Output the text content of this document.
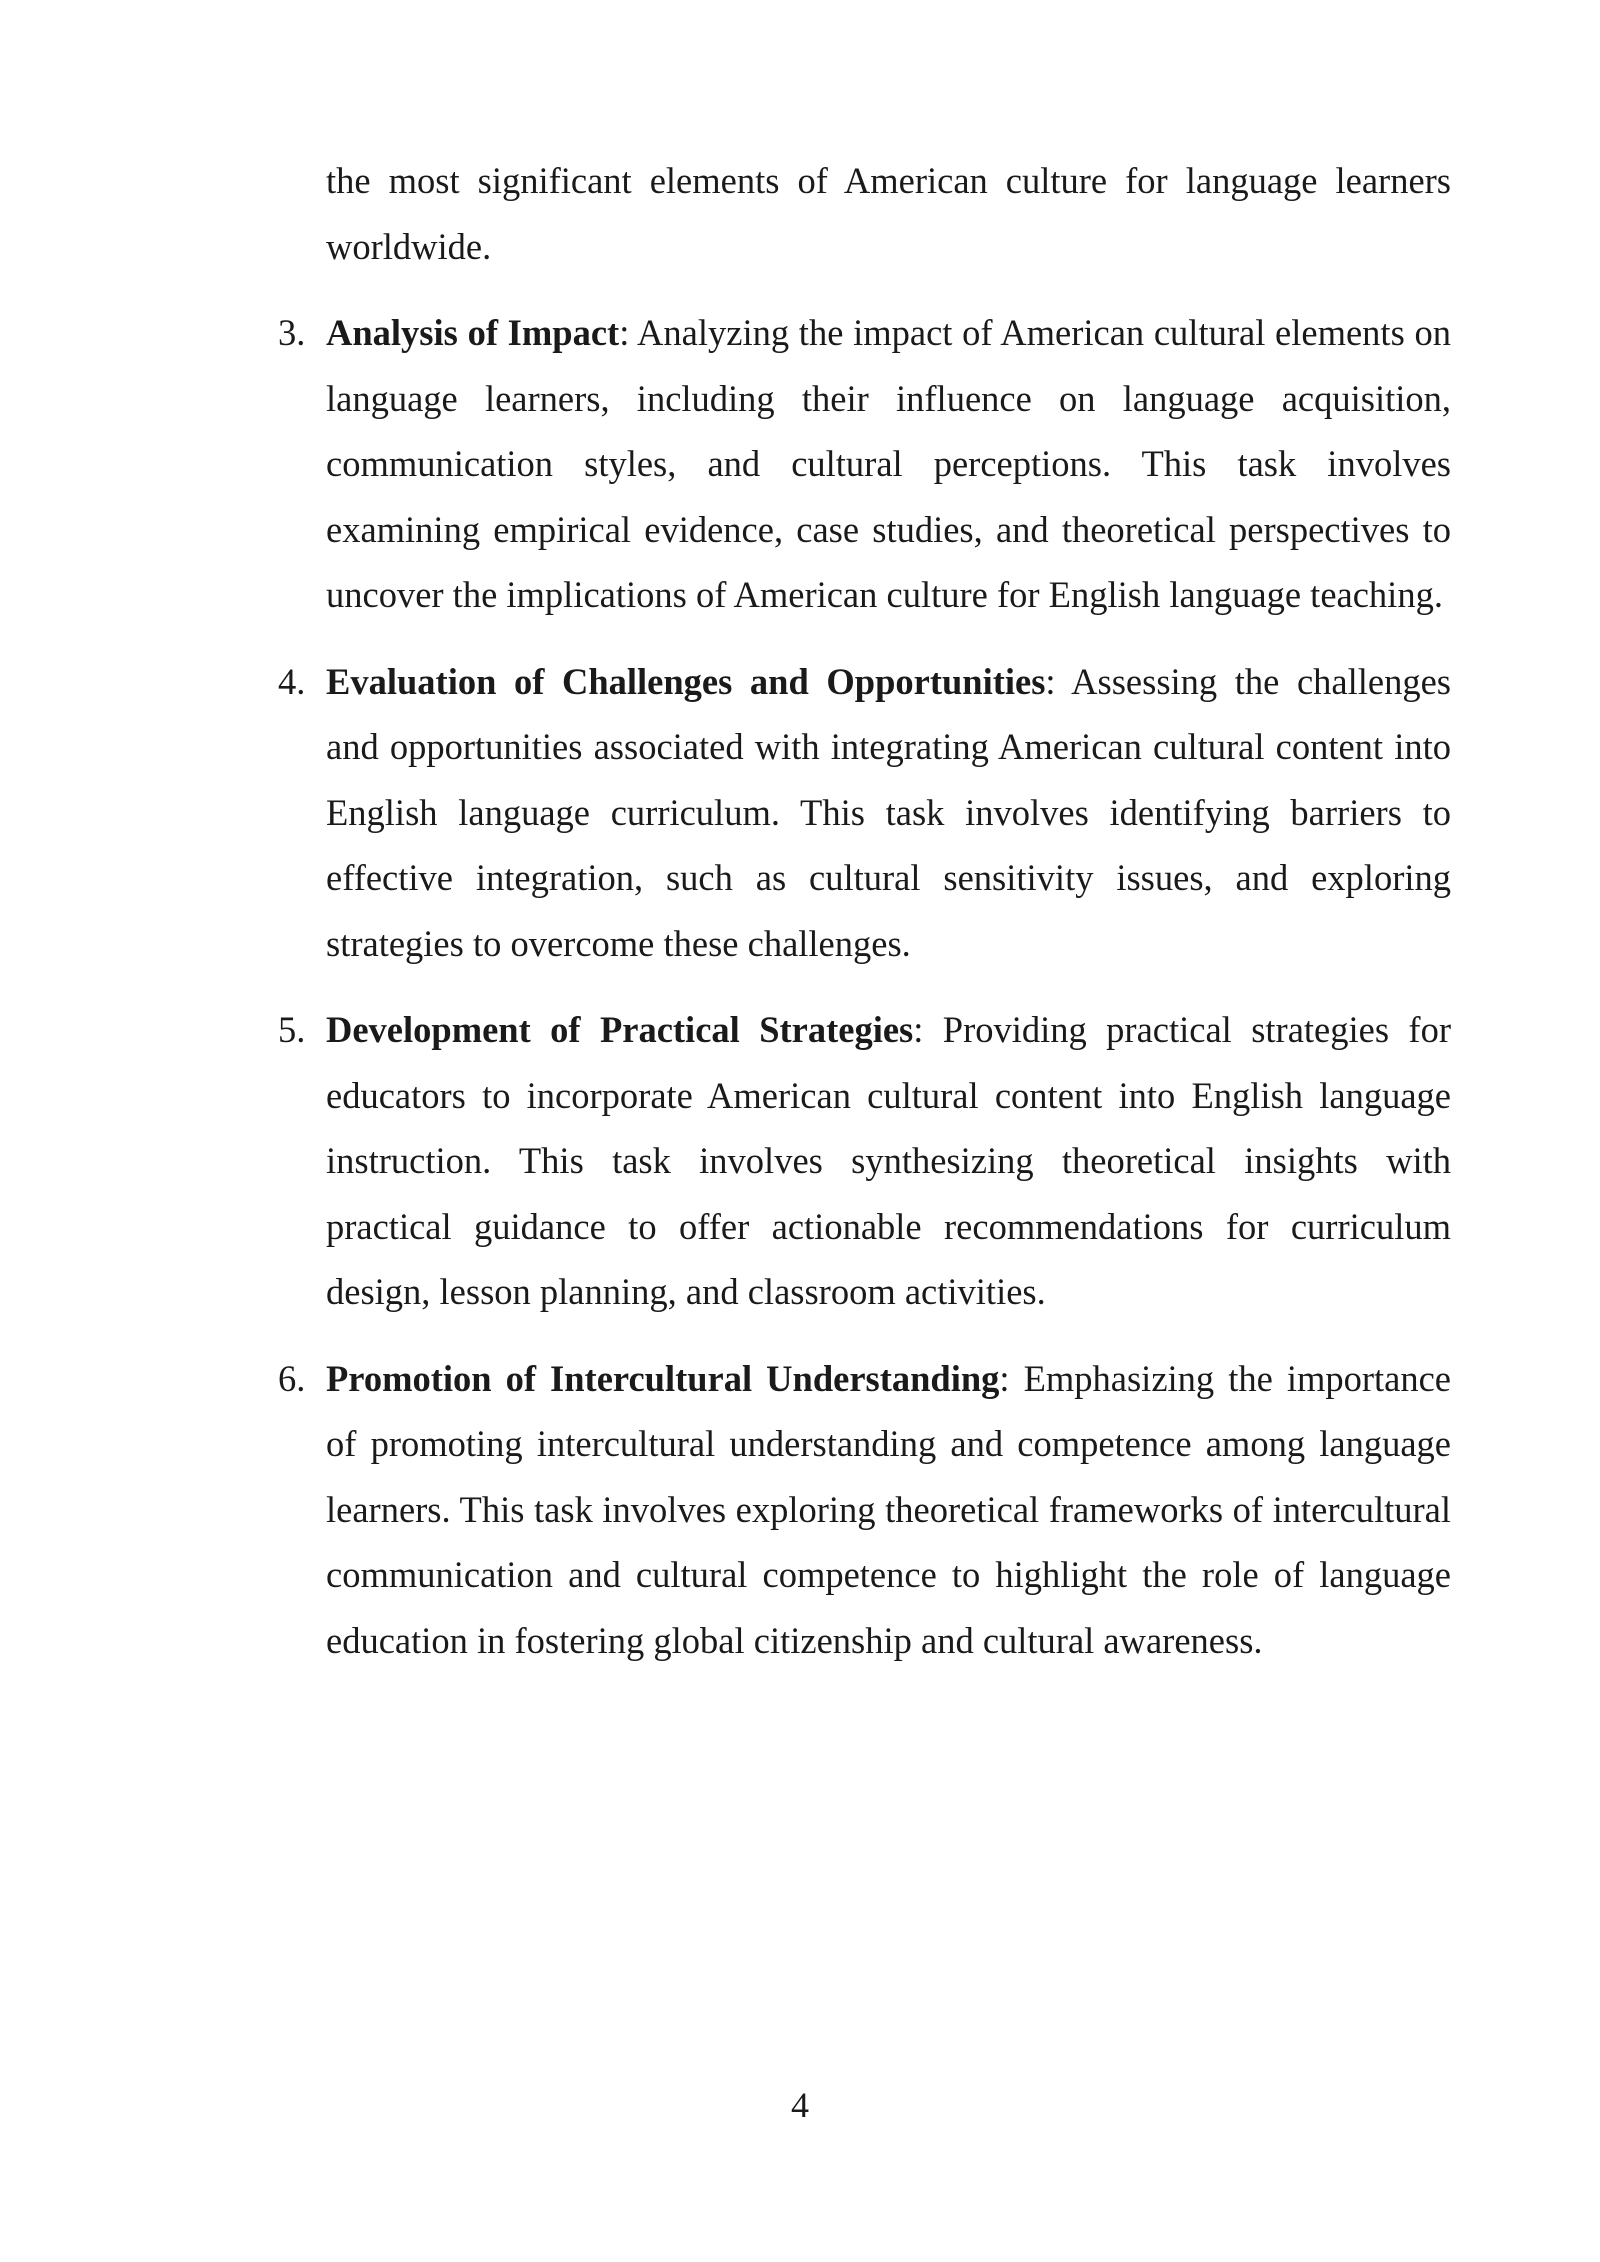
the most significant elements of American culture for language learners worldwide.

3. Analysis of Impact: Analyzing the impact of American cultural elements on language learners, including their influence on language acquisition, communication styles, and cultural perceptions. This task involves examining empirical evidence, case studies, and theoretical perspectives to uncover the implications of American culture for English language teaching.
4. Evaluation of Challenges and Opportunities: Assessing the challenges and opportunities associated with integrating American cultural content into English language curriculum. This task involves identifying barriers to effective integration, such as cultural sensitivity issues, and exploring strategies to overcome these challenges.
5. Development of Practical Strategies: Providing practical strategies for educators to incorporate American cultural content into English language instruction. This task involves synthesizing theoretical insights with practical guidance to offer actionable recommendations for curriculum design, lesson planning, and classroom activities.
6. Promotion of Intercultural Understanding: Emphasizing the importance of promoting intercultural understanding and competence among language learners. This task involves exploring theoretical frameworks of intercultural communication and cultural competence to highlight the role of language education in fostering global citizenship and cultural awareness.
4
